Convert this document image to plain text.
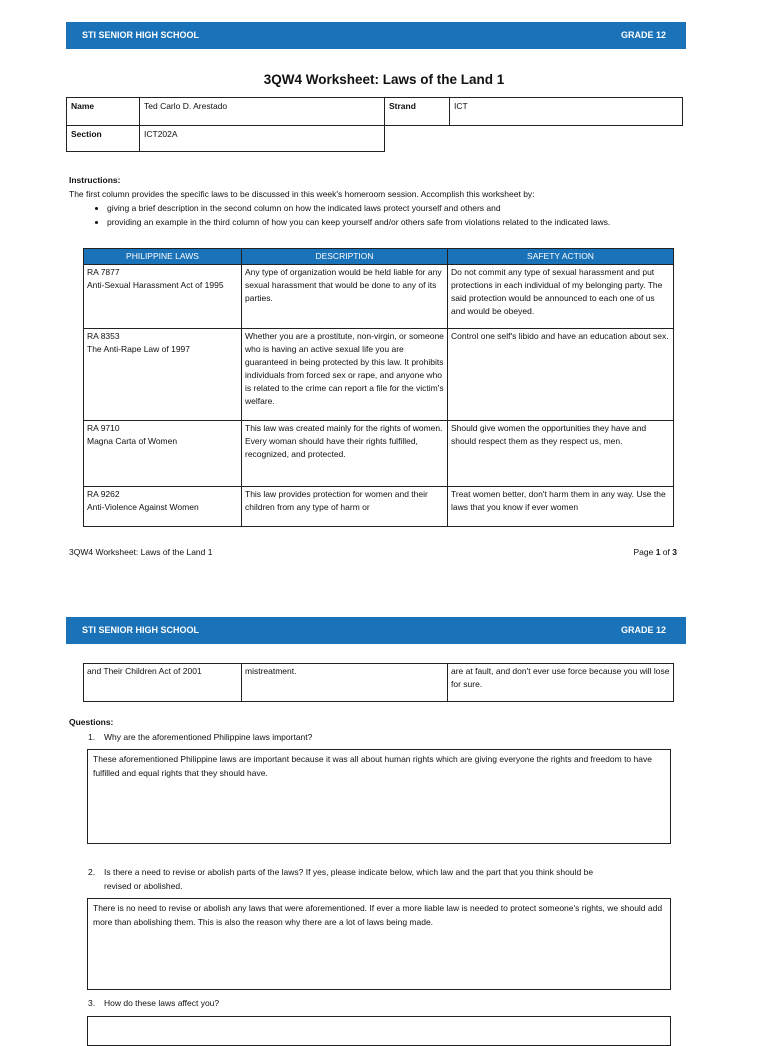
STI SENIOR HIGH SCHOOL	GRADE 12
3QW4 Worksheet: Laws of the Land 1
Name	Ted Carlo D. Arestado	Strand	ICT
Section	ICT202A		
Instructions:
The first column provides the specific laws to be discussed in this week's homeroom session. Accomplish this worksheet by:
• giving a brief description in the second column on how the indicated laws protect yourself and others and
• providing an example in the third column of how you can keep yourself and/or others safe from violations related to the indicated laws.
PHILIPPINE LAWS	DESCRIPTION	SAFETY ACTION

RA 7877
Anti-Sexual Harassment Act of 1995	Any type of organization would be held liable for any sexual harassment that would be done to any of its parties.	Do not commit any type of sexual harassment and put protections in each individual of my belonging party. The said protection would be announced to each one of us and would be obeyed.

RA 8353
The Anti-Rape Law of 1997	Whether you are a prostitute, non-virgin, or someone who is having an active sexual life you are guaranteed in being protected by this law. It prohibits individuals from forced sex or rape, and anyone who is related to the crime can report a file for the victim's welfare.	Control one self's libido and have an education about sex.

RA 9710
Magna Carta of Women	This law was created mainly for the rights of women. Every woman should have their rights fulfilled, recognized, and protected.	Should give women the opportunities they have and should respect them as they respect us, men.

RA 9262
Anti-Violence Against Women	This law provides protection for women and their children from any type of harm or	Treat women better, don't harm them in any way. Use the laws that you know if ever women
3QW4 Worksheet: Laws of the Land 1	Page 1 of 3
STI SENIOR HIGH SCHOOL	GRADE 12
and Their Children Act of 2001	mistreatment.	are at fault, and don't ever use force because you will lose for sure.
Questions:
1. Why are the aforementioned Philippine laws important?
These aforementioned Philippine laws are important because it was all about human rights which are giving everyone the rights and freedom to have fulfilled and equal rights that they should have.
2. Is there a need to revise or abolish parts of the laws? If yes, please indicate below, which law and the part that you think should be
revised or abolished.
There is no need to revise or abolish any laws that were aforementioned. If ever a more liable law is needed to protect someone's rights, we should add more than abolishing them. This is also the reason why there are a lot of laws being made.
3. How do these laws affect you?
